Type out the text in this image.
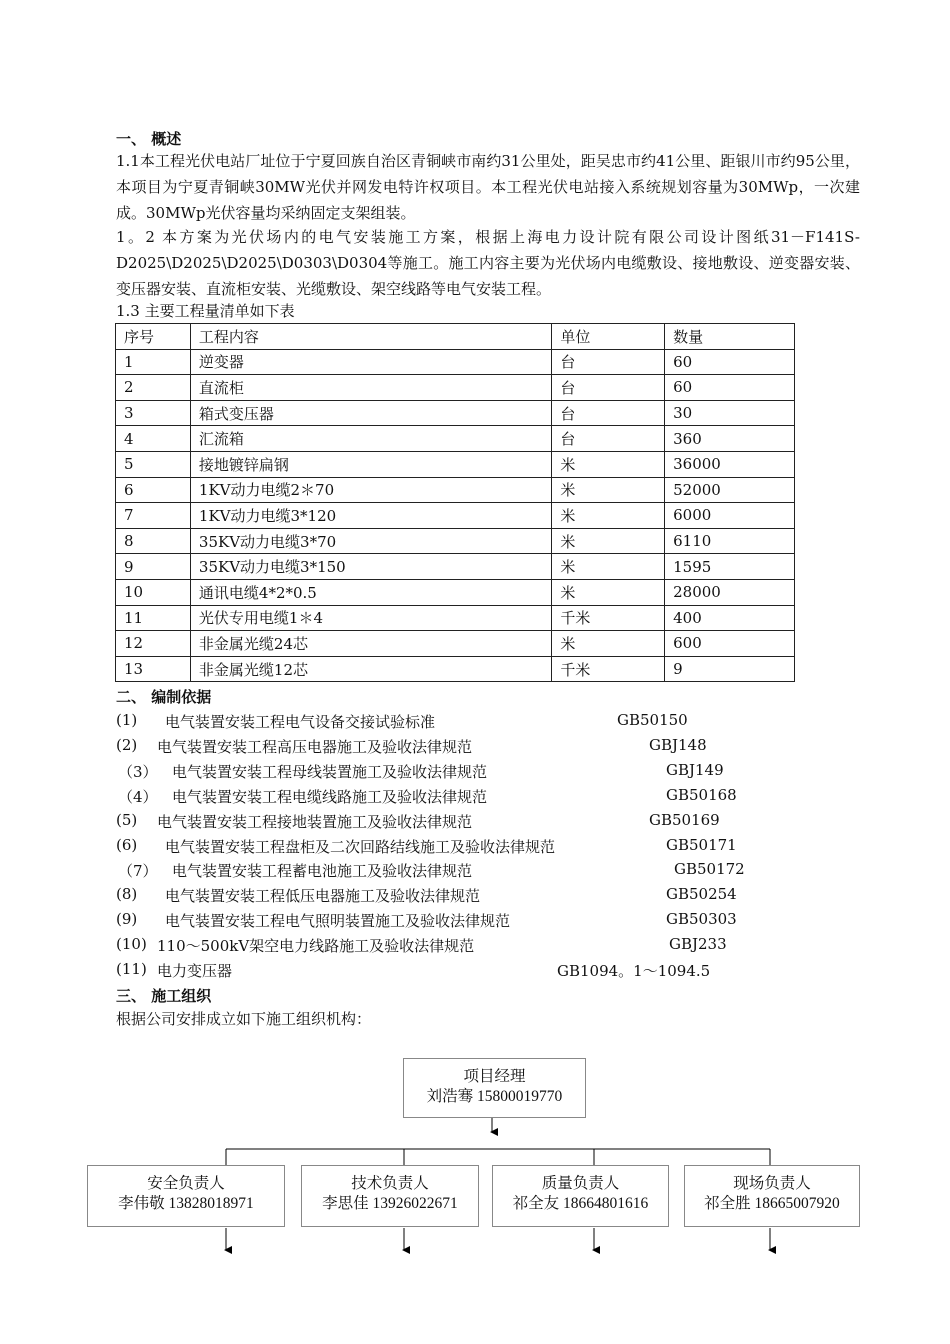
一、 概述
1.1本工程光伏电站厂址位于宁夏回族自治区青铜峡市南约31公里处，距吴忠市约41公里、距银川市约95公里，本项目为宁夏青铜峡30MW光伏并网发电特许权项目。本工程光伏电站接入系统规划容量为30MWp，一次建成。30MWp光伏容量均采纳固定支架组装。
1。2 本方案为光伏场内的电气安装施工方案，根据上海电力设计院有限公司设计图纸31－F141S-D2025\D2025\D2025\D0303\D0304等施工。施工内容主要为光伏场内电缆敷设、接地敷设、逆变器安装、变压器安装、直流柜安装、光缆敷设、架空线路等电气安装工程。
1.3 主要工程量清单如下表
序号	工程内容	单位	数量
1	逆变器	台	60
2	直流柜	台	60
3	箱式变压器	台	30
4	汇流箱	台	360
5	接地镀锌扁钢	米	36000
6	1KV动力电缆2＊70	米	52000
7	1KV动力电缆3*120	米	6000
8	35KV动力电缆3*70	米	6110
9	35KV动力电缆3*150	米	1595
10	通讯电缆4*2*0.5	米	28000
11	光伏专用电缆1＊4	千米	400
12	非金属光缆24芯	米	600
13	非金属光缆12芯	千米	9
二、 编制依据
(1) 电气装置安装工程电气设备交接试验标准	GB50150
(2) 电气装置安装工程高压电器施工及验收法律规范	GBJ148
（3） 电气装置安装工程母线装置施工及验收法律规范	GBJ149
（4） 电气装置安装工程电缆线路施工及验收法律规范	GB50168
(5) 电气装置安装工程接地装置施工及验收法律规范	GB50169
(6) 电气装置安装工程盘柜及二次回路结线施工及验收法律规范	GB50171
（7） 电气装置安装工程蓄电池施工及验收法律规范	GB50172
(8) 电气装置安装工程低压电器施工及验收法律规范	GB50254
(9) 电气装置安装工程电气照明装置施工及验收法律规范	GB50303
(10) 110～500kV架空电力线路施工及验收法律规范	GBJ233
(11) 电力变压器	GB1094。1～1094.5
三、 施工组织
根据公司安排成立如下施工组织机构：
项目经理
刘浩骞 15800019770
安全负责人
李伟敬 13828018971
技术负责人
李思佳 13926022671
质量负责人
祁全友 18664801616
现场负责人
祁全胜 18665007920
